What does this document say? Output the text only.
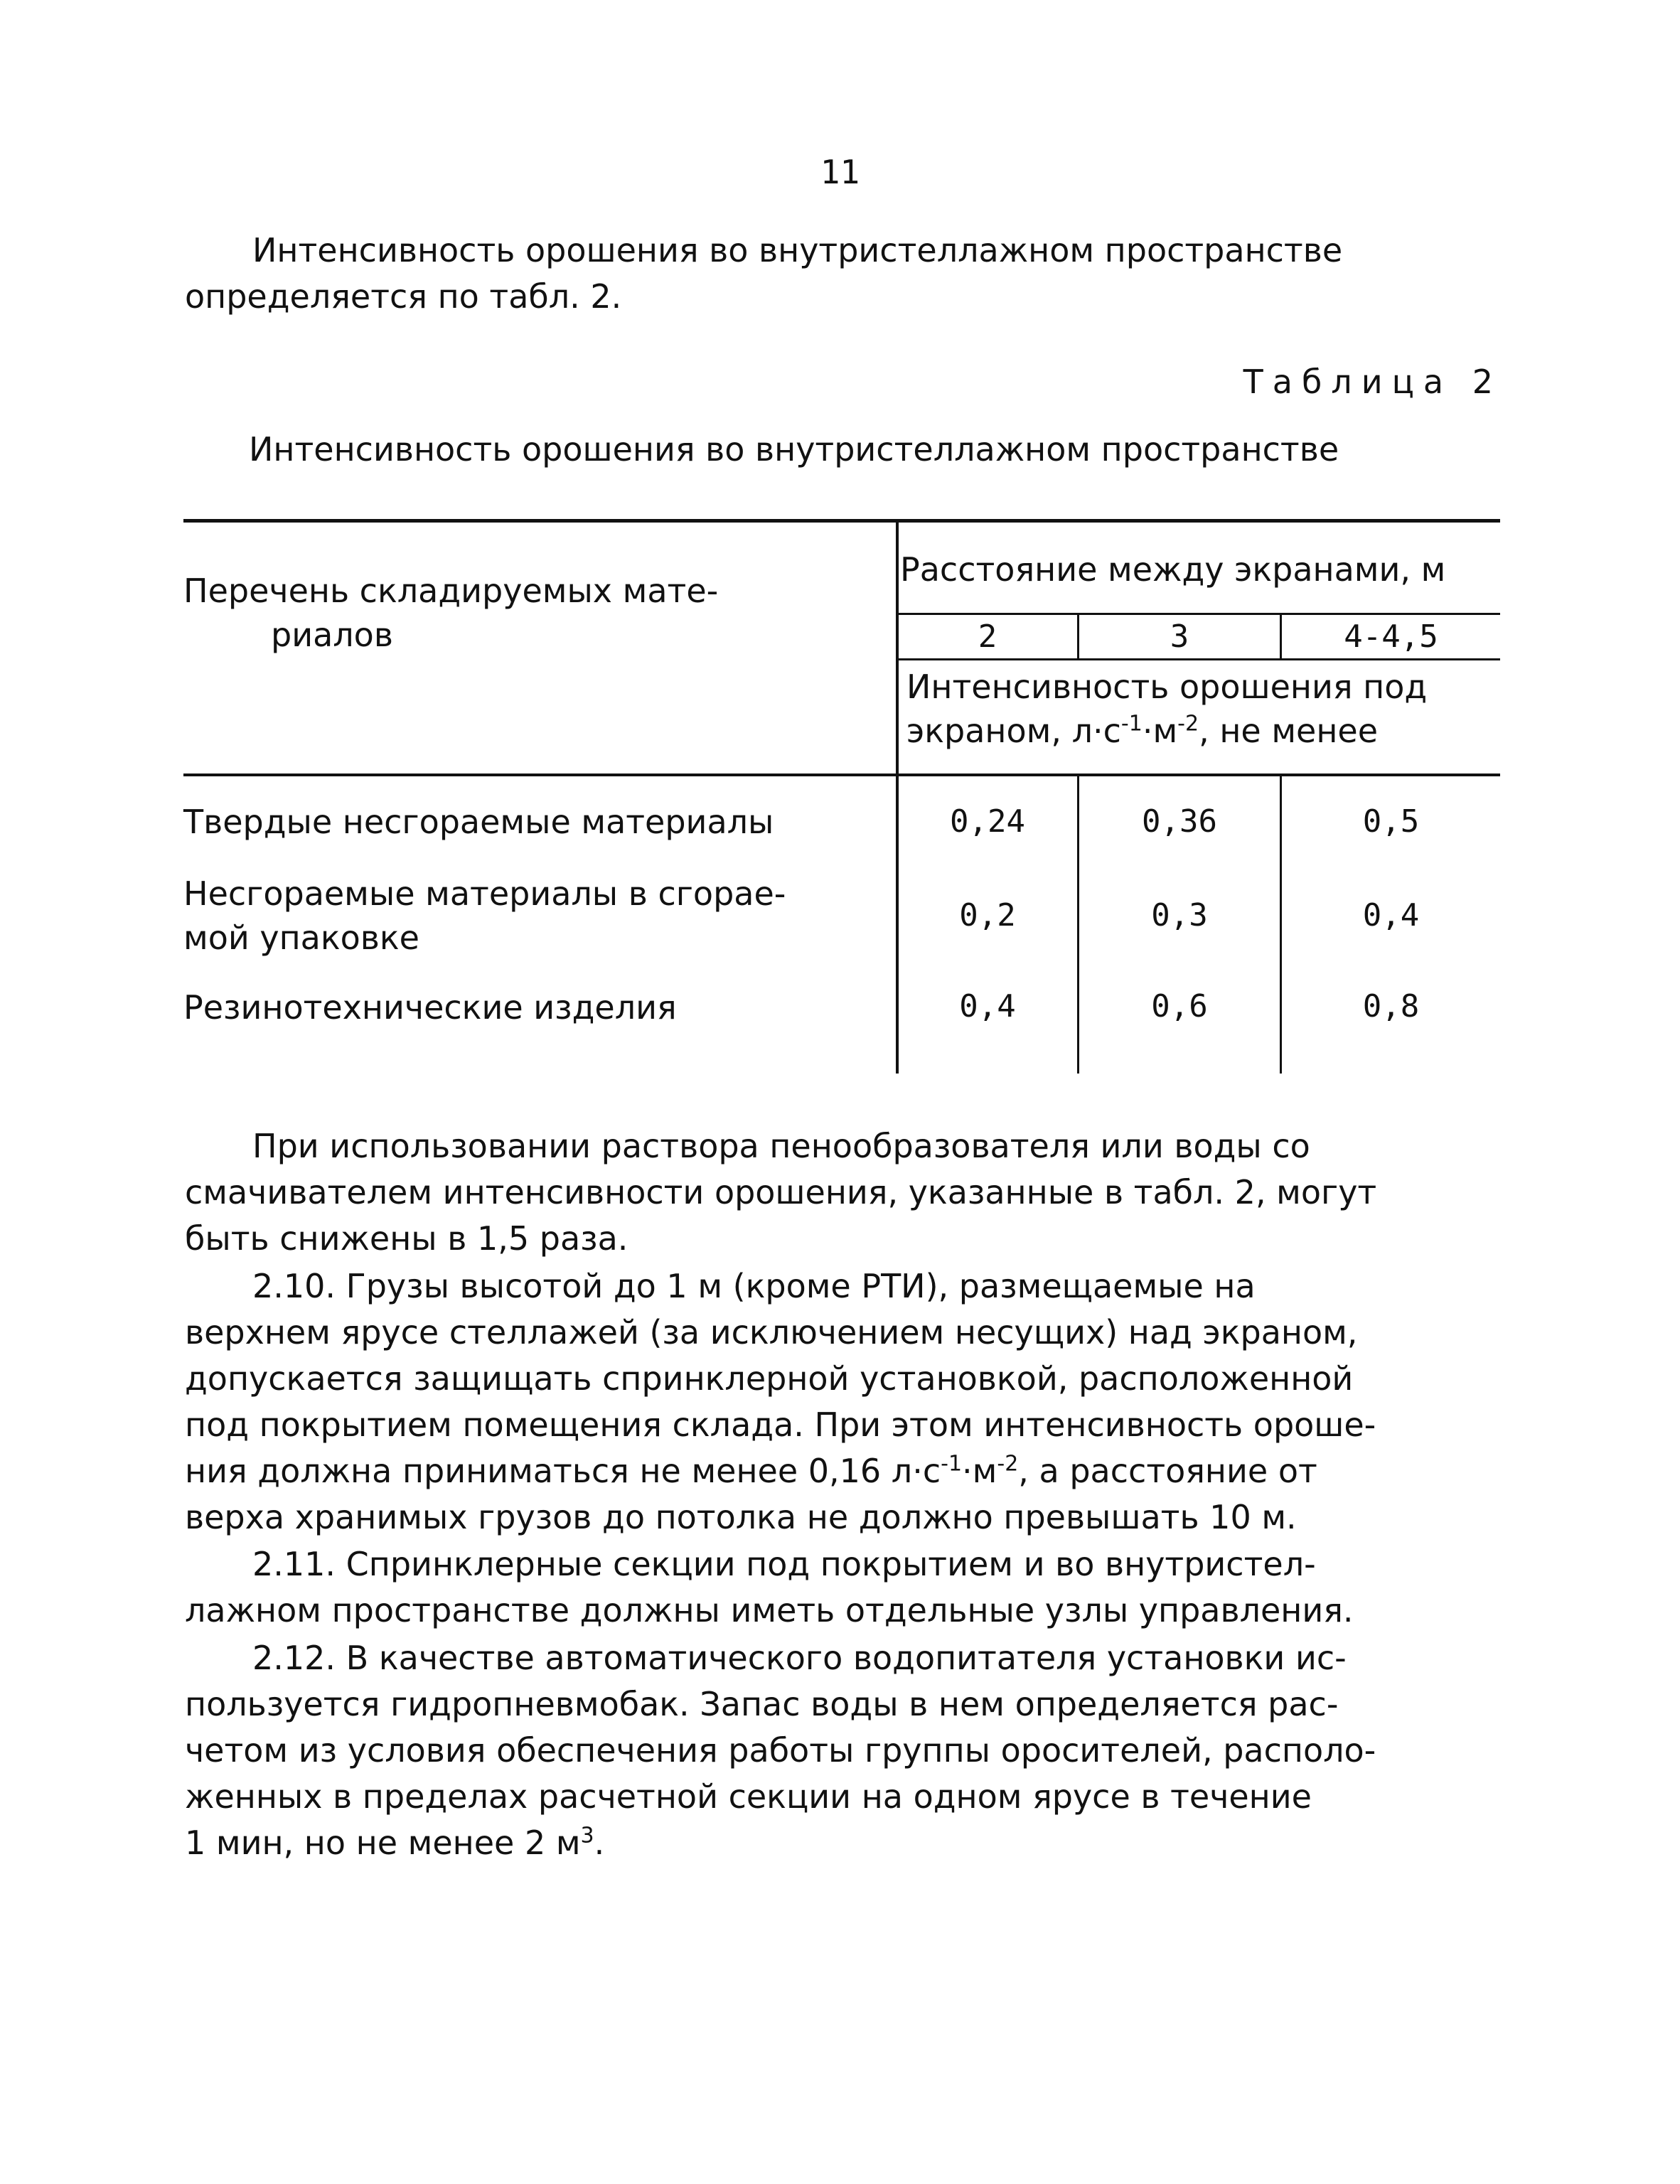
11
Интенсивность орошения во внутристеллажном пространстве
определяется по табл. 2.
Таблица 2
Интенсивность орошения во внутристеллажном пространстве
Перечень складируемых мате-
риалов
Расстояние между экранами, м
2	3	4-4,5
Интенсивность орошения под
экраном, $л\cdot с^{-1}\cdot м^{-2}$, не менее
Твердые несгораемые материалы	0,24	0,36	0,5
Несгораемые материалы в сгорае-
мой упаковке
0,2	0,3	0,4
Резинотехнические изделия	0,4	0,6	0,8
При использовании раствора пенообразователя или воды со
смачивателем интенсивности орошения, указанные в табл. 2, могут
быть снижены в 1,5 раза.
2.10. Грузы высотой до 1 м (кроме РТИ), размещаемые на
верхнем ярусе стеллажей (за исключением несущих) над экраном,
допускается защищать спринклерной установкой, расположенной
под покрытием помещения склада. При этом интенсивность ороше-
ния должна приниматься не менее 0,16 $л\cdot с^{-1}\cdot м^{-2}$, а расстояние от
верха хранимых грузов до потолка не должно превышать 10 м.
2.11. Спринклерные секции под покрытием и во внутристел-
лажном пространстве должны иметь отдельные узлы управления.
2.12. В качестве автоматического водопитателя установки ис-
пользуется гидропневмобак. Запас воды в нем определяется рас-
четом из условия обеспечения работы группы оросителей, располо-
женных в пределах расчетной секции на одном ярусе в течение
1 мин, но не менее 2 $м^3$.
